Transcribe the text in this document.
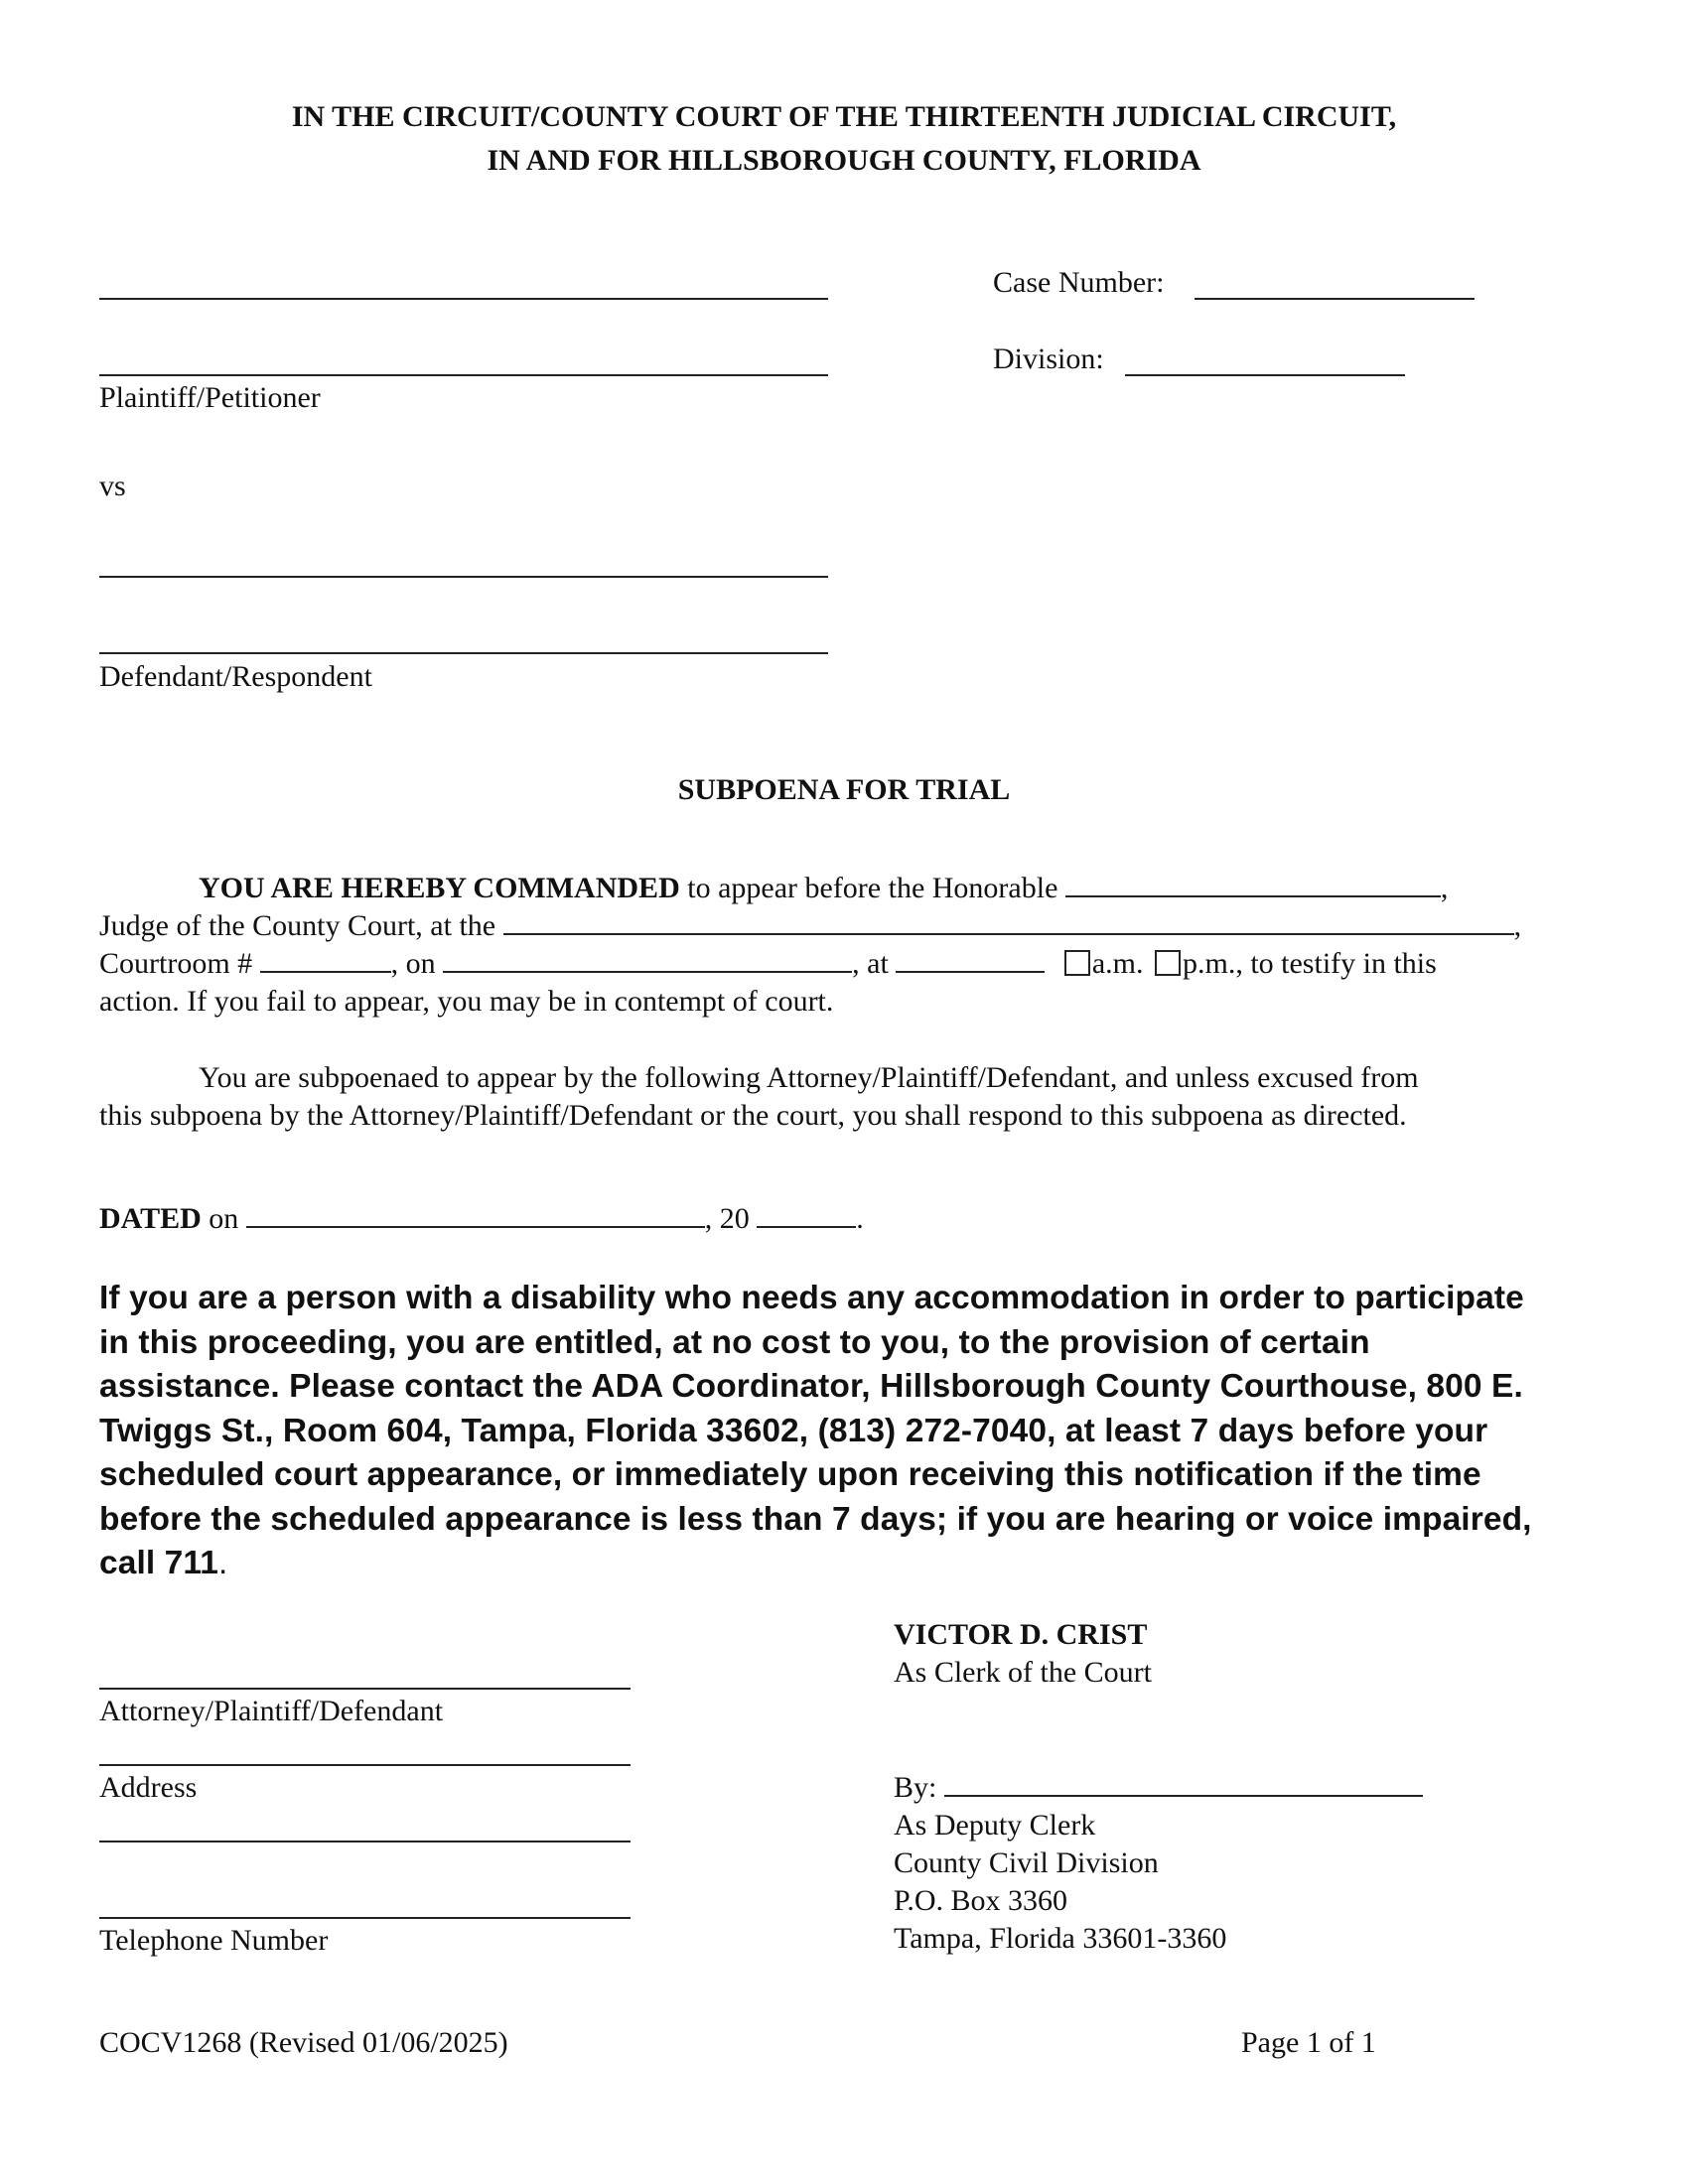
IN THE CIRCUIT/COUNTY COURT OF THE THIRTEENTH JUDICIAL CIRCUIT,
IN AND FOR HILLSBOROUGH COUNTY, FLORIDA
Plaintiff/Petitioner
vs
Defendant/Respondent
Case Number:
Division:
SUBPOENA FOR TRIAL
YOU ARE HEREBY COMMANDED to appear before the Honorable	,
Judge of the County Court, at the	,
Courtroom #	, on	, at	a.m. p.m., to testify in this
action. If you fail to appear, you may be in contempt of court.
You are subpoenaed to appear by the following Attorney/Plaintiff/Defendant, and unless excused from
this subpoena by the Attorney/Plaintiff/Defendant or the court, you shall respond to this subpoena as directed.
DATED on	, 20	.
If you are a person with a disability who needs any accommodation in order to participate
in this proceeding, you are entitled, at no cost to you, to the provision of certain
assistance. Please contact the ADA Coordinator, Hillsborough County Courthouse, 800 E.
Twiggs St., Room 604, Tampa, Florida 33602, (813) 272-7040, at least 7 days before your
scheduled court appearance, or immediately upon receiving this notification if the time
before the scheduled appearance is less than 7 days; if you are hearing or voice impaired,
call 711.
Attorney/Plaintiff/Defendant
Address
Telephone Number
VICTOR D. CRIST
As Clerk of the Court
By:
As Deputy Clerk
County Civil Division
P.O. Box 3360
Tampa, Florida 33601-3360
COCV1268 (Revised 01/06/2025)	Page 1 of 1
